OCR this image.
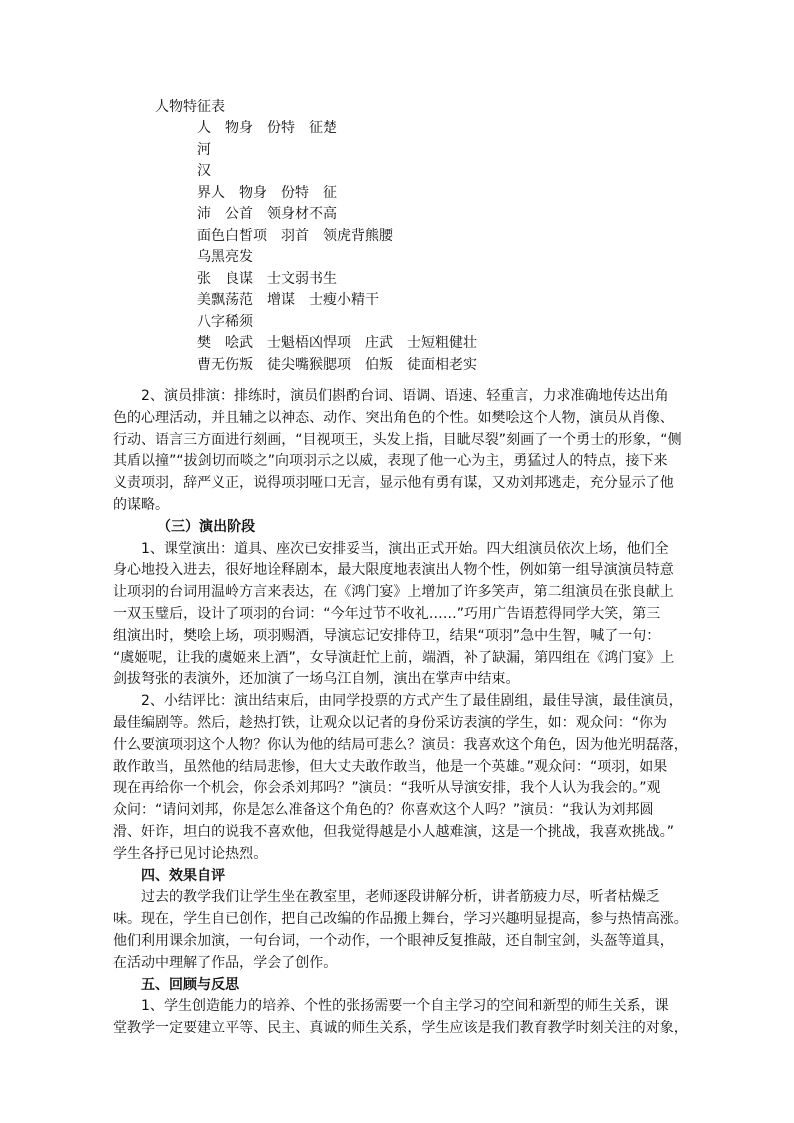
人物特征表
人　物身　份特　征楚
河
汉
界人　物身　份特　征
沛　公首　领身材不高
面色白皙项　羽首　领虎背熊腰
乌黑亮发
张　良谋　士文弱书生
美飘荡范　增谋　士瘦小精干
八字稀须
樊　哙武　士魁梧凶悍项　庄武　士短粗健壮
曹无伤叛　徒尖嘴猴腮项　伯叛　徒面相老实
2、演员排演：排练时，演员们斟酌台词、语调、语速、轻重言，力求准确地传达出角
色的心理活动，并且辅之以神态、动作、突出角色的个性。如樊哙这个人物，演员从肖像、
行动、语言三方面进行刻画，“目视项王，头发上指，目眦尽裂”刻画了一个勇士的形象，“侧
其盾以撞”“拔剑切而啖之”向项羽示之以威，表现了他一心为主，勇猛过人的特点，接下来
义责项羽，辞严义正，说得项羽哑口无言，显示他有勇有谋，又劝刘邦逃走，充分显示了他
的谋略。
（三）演出阶段
1、课堂演出：道具、座次已安排妥当，演出正式开始。四大组演员依次上场，他们全
身心地投入进去，很好地诠释剧本，最大限度地表演出人物个性，例如第一组导演演员特意
让项羽的台词用温岭方言来表达，在《鸿门宴》上增加了许多笑声，第二组演员在张良献上
一双玉璧后，设计了项羽的台词：“今年过节不收礼……”巧用广告语惹得同学大笑，第三
组演出时，樊哙上场，项羽赐酒，导演忘记安排侍卫，结果“项羽”急中生智，喊了一句：
“虞姬呢，让我的虞姬来上酒”，女导演赶忙上前，端酒，补了缺漏，第四组在《鸿门宴》上
剑拔弩张的表演外，还加演了一场乌江自刎，演出在掌声中结束。
2、小结评比：演出结束后，由同学投票的方式产生了最佳剧组，最佳导演，最佳演员，
最佳编剧等。然后，趁热打铁，让观众以记者的身份采访表演的学生，如：观众问：“你为
什么要演项羽这个人物？你认为他的结局可悲么？演员：我喜欢这个角色，因为他光明磊落，
敢作敢当，虽然他的结局悲惨，但大丈夫敢作敢当，他是一个英雄。”观众问：“项羽，如果
现在再给你一个机会，你会杀刘邦吗？”演员：“我听从导演安排，我个人认为我会的。”观
众问：“请问刘邦，你是怎么准备这个角色的？你喜欢这个人吗？”演员：“我认为刘邦圆
滑、奸诈，坦白的说我不喜欢他，但我觉得越是小人越难演，这是一个挑战，我喜欢挑战。”
学生各抒已见讨论热烈。
四、效果自评
过去的教学我们让学生坐在教室里，老师逐段讲解分析，讲者筋疲力尽，听者枯燥乏
味。现在，学生自已创作，把自己改编的作品搬上舞台，学习兴趣明显提高，参与热情高涨。
他们利用课余加演，一句台词，一个动作，一个眼神反复推敲，还自制宝剑，头盔等道具，
在活动中理解了作品，学会了创作。
五、回顾与反思
1、学生创造能力的培养、个性的张扬需要一个自主学习的空间和新型的师生关系，课
堂教学一定要建立平等、民主、真诚的师生关系，学生应该是我们教育教学时刻关注的对象，
